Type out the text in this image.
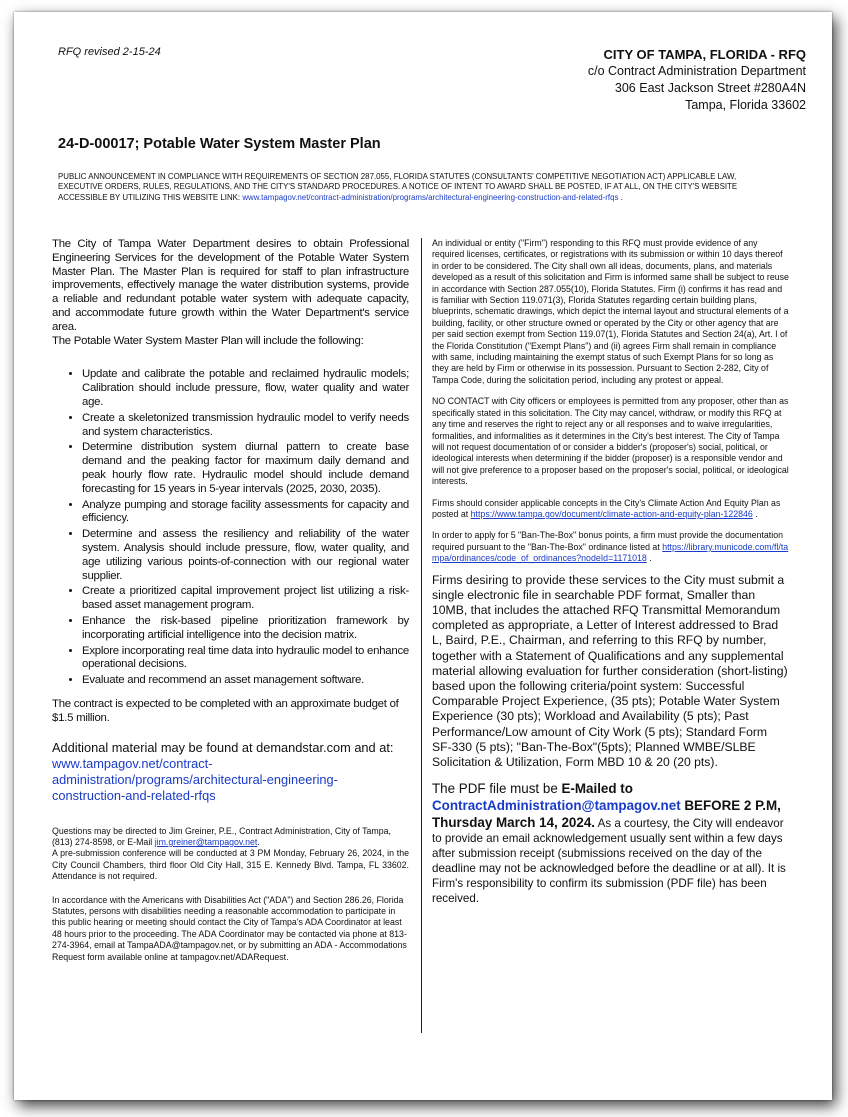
RFQ revised 2-15-24	CITY OF TAMPA, FLORIDA - RFQ
c/o Contract Administration Department
306 East Jackson Street #280A4N
Tampa, Florida 33602
24-D-00017; Potable Water System Master Plan
PUBLIC ANNOUNCEMENT IN COMPLIANCE WITH REQUIREMENTS OF SECTION 287.055, FLORIDA STATUTES (CONSULTANTS' COMPETITIVE NEGOTIATION ACT) APPLICABLE LAW, EXECUTIVE ORDERS, RULES, REGULATIONS, AND THE CITY'S STANDARD PROCEDURES. A NOTICE OF INTENT TO AWARD SHALL BE POSTED, IF AT ALL, ON THE CITY'S WEBSITE ACCESSIBLE BY UTILIZING THIS WEBSITE LINK: www.tampagov.net/contract-administration/programs/architectural-engineering-construction-and-related-rfqs .

The City of Tampa Water Department desires to obtain Professional Engineering Services for the development of the Potable Water System Master Plan. The Master Plan is required for staff to plan infrastructure improvements, effectively manage the water distribution systems, provide a reliable and redundant potable water system with adequate capacity, and accommodate future growth within the Water Department's service area.

The Potable Water System Master Plan will include the following:

• Update and calibrate the potable and reclaimed hydraulic models; Calibration should include pressure, flow, water quality and water age.
• Create a skeletonized transmission hydraulic model to verify needs and system characteristics.
• Determine distribution system diurnal pattern to create base demand and the peaking factor for maximum daily demand and peak hourly flow rate. Hydraulic model should include demand forecasting for 15 years in 5-year intervals (2025, 2030, 2035).
• Analyze pumping and storage facility assessments for capacity and efficiency.
• Determine and assess the resiliency and reliability of the water system. Analysis should include pressure, flow, water quality, and age utilizing various points-of-connection with our regional water supplier.
• Create a prioritized capital improvement project list utilizing a risk-based asset management program.
• Enhance the risk-based pipeline prioritization framework by incorporating artificial intelligence into the decision matrix.
• Explore incorporating real time data into hydraulic model to enhance operational decisions.
• Evaluate and recommend an asset management software.
The contract is expected to be completed with an approximate budget of $1.5 million.
Additional material may be found at demandstar.com and at:
www.tampagov.net/contract-administration/programs/architectural-engineering-construction-and-related-rfqs
Questions may be directed to Jim Greiner, P.E., Contract Administration, City of Tampa, (813) 274-8598, or E-Mail jim.greiner@tampagov.net.
A pre-submission conference will be conducted at 3 PM Monday, February 26, 2024, in the City Council Chambers, third floor Old City Hall, 315 E. Kennedy Blvd. Tampa, FL 33602. Attendance is not required.
In accordance with the Americans with Disabilities Act ("ADA") and Section 286.26, Florida Statutes, persons with disabilities needing a reasonable accommodation to participate in this public hearing or meeting should contact the City of Tampa's ADA Coordinator at least 48 hours prior to the proceeding. The ADA Coordinator may be contacted via phone at 813-274-3964, email at TampaADA@tampagov.net, or by submitting an ADA - Accommodations Request form available online at tampagov.net/ADARequest.

An individual or entity ("Firm") responding to this RFQ must provide evidence of any required licenses, certificates, or registrations with its submission or within 10 days thereof in order to be considered. The City shall own all ideas, documents, plans, and materials developed as a result of this solicitation and Firm is informed same shall be subject to reuse in accordance with Section 287.055(10), Florida Statutes. Firm (i) confirms it has read and is familiar with Section 119.071(3), Florida Statutes regarding certain building plans, blueprints, schematic drawings, which depict the internal layout and structural elements of a building, facility, or other structure owned or operated by the City or other agency that are per said section exempt from Section 119.07(1), Florida Statutes and Section 24(a), Art. I of the Florida Constitution ("Exempt Plans") and (ii) agrees Firm shall remain in compliance with same, including maintaining the exempt status of such Exempt Plans for so long as they are held by Firm or otherwise in its possession. Pursuant to Section 2-282, City of Tampa Code, during the solicitation period, including any protest or appeal.

NO CONTACT with City officers or employees is permitted from any proposer, other than as specifically stated in this solicitation. The City may cancel, withdraw, or modify this RFQ at any time and reserves the right to reject any or all responses and to waive irregularities, formalities, and informalities as it determines in the City's best interest. The City of Tampa will not request documentation of or consider a bidder's (proposer's) social, political, or ideological interests when determining if the bidder (proposer) is a responsible vendor and will not give preference to a proposer based on the proposer's social, political, or ideological interests.

Firms should consider applicable concepts in the City's Climate Action And Equity Plan as posted at https://www.tampa.gov/document/climate-action-and-equity-plan-122846 .

In order to apply for 5 "Ban-The-Box" bonus points, a firm must provide the documentation required pursuant to the "Ban-The-Box" ordinance listed at https://library.municode.com/fl/tampa/ordinances/code_of_ordinances?nodeId=1171018 .

Firms desiring to provide these services to the City must submit a single electronic file in searchable PDF format, Smaller than 10MB, that includes the attached RFQ Transmittal Memorandum completed as appropriate, a Letter of Interest addressed to Brad L, Baird, P.E., Chairman, and referring to this RFQ by number, together with a Statement of Qualifications and any supplemental material allowing evaluation for further consideration (short-listing) based upon the following criteria/point system: Successful Comparable Project Experience, (35 pts); Potable Water System Experience (30 pts); Workload and Availability (5 pts); Past Performance/Low amount of City Work (5 pts); Standard Form SF-330 (5 pts); "Ban-The-Box"(5pts); Planned WMBE/SLBE Solicitation & Utilization, Form MBD 10 & 20 (20 pts).

The PDF file must be E-Mailed to
ContractAdministration@tampagov.net BEFORE 2 P.M, Thursday March 14, 2024. As a courtesy, the City will endeavor to provide an email acknowledgement usually sent within a few days after submission receipt (submissions received on the day of the deadline may not be acknowledged before the deadline or at all). It is Firm's responsibility to confirm its submission (PDF file) has been received.
